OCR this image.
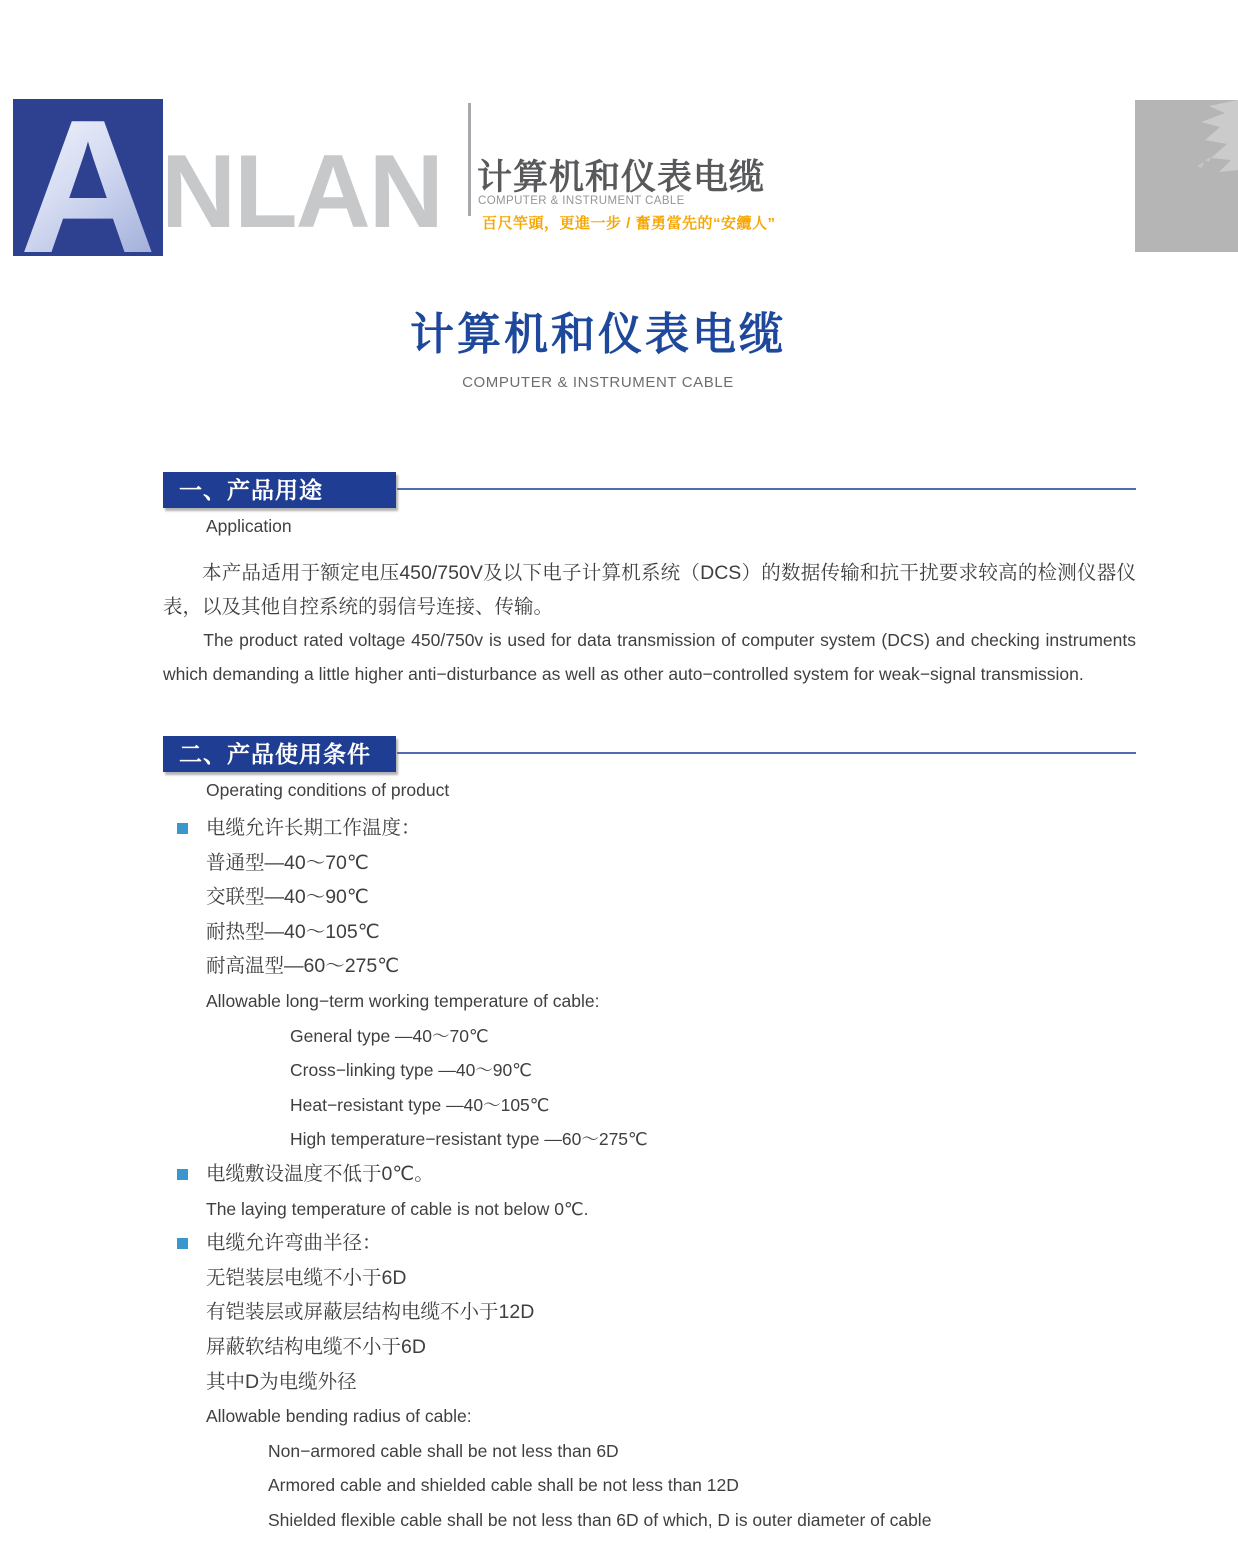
A NLAN 计算机和仪表电缆
COMPUTER & INSTRUMENT CABLE
百尺竿頭，更進一步 / 奮勇當先的“安纜人”
计算机和仪表电缆
COMPUTER & INSTRUMENT CABLE
一、产品用途
Application
本产品适用于额定电压450/750V及以下电子计算机系统（DCS）的数据传输和抗干扰要求较高的检测仪器仪表，以及其他自控系统的弱信号连接、传输。
The product rated voltage 450/750v is used for data transmission of computer system (DCS) and checking instruments which demanding a little higher anti−disturbance as well as other auto−controlled system for weak−signal transmission.
二、产品使用条件
Operating conditions of product
电缆允许长期工作温度：
普通型—40～70℃
交联型—40～90℃
耐热型—40～105℃
耐高温型—60～275℃
Allowable long−term working temperature of cable:
General type —40～70℃
Cross−linking type —40～90℃
Heat−resistant type —40～105℃
High temperature−resistant type —60～275℃
电缆敷设温度不低于0℃。
The laying temperature of cable is not below 0℃.
电缆允许弯曲半径：
无铠装层电缆不小于6D
有铠装层或屏蔽层结构电缆不小于12D
屏蔽软结构电缆不小于6D
其中D为电缆外径
Allowable bending radius of cable:
Non−armored cable shall be not less than 6D
Armored cable and shielded cable shall be not less than 12D
Shielded flexible cable shall be not less than 6D of which, D is outer diameter of cable
